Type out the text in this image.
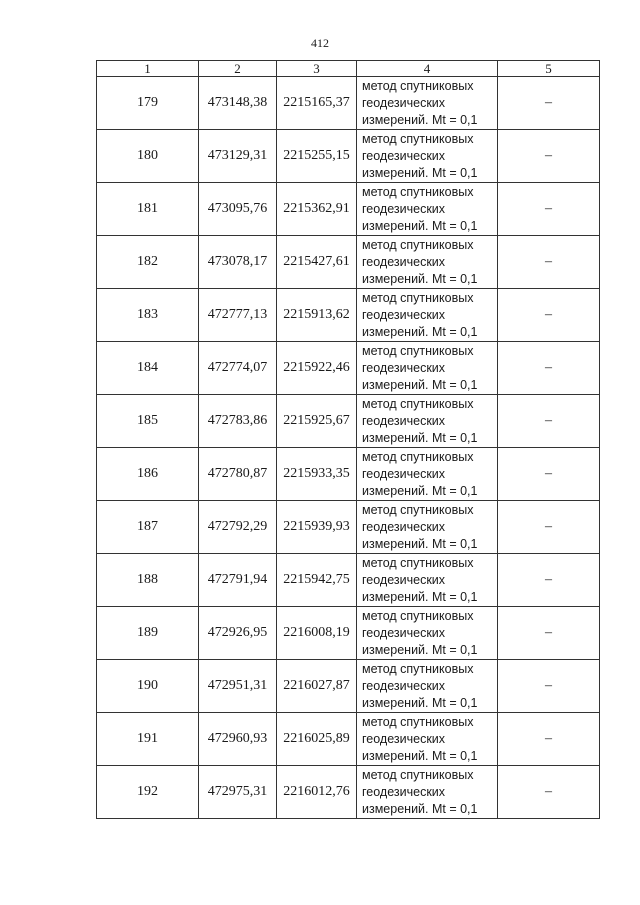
412
1	2	3	4	5
179	473148,38	2215165,37	метод спутниковых
геодезических
измерений. Mt = 0,1	–
180	473129,31	2215255,15	метод спутниковых
геодезических
измерений. Mt = 0,1	–
181	473095,76	2215362,91	метод спутниковых
геодезических
измерений. Mt = 0,1	–
182	473078,17	2215427,61	метод спутниковых
геодезических
измерений. Mt = 0,1	–
183	472777,13	2215913,62	метод спутниковых
геодезических
измерений. Mt = 0,1	–
184	472774,07	2215922,46	метод спутниковых
геодезических
измерений. Mt = 0,1	–
185	472783,86	2215925,67	метод спутниковых
геодезических
измерений. Mt = 0,1	–
186	472780,87	2215933,35	метод спутниковых
геодезических
измерений. Mt = 0,1	–
187	472792,29	2215939,93	метод спутниковых
геодезических
измерений. Mt = 0,1	–
188	472791,94	2215942,75	метод спутниковых
геодезических
измерений. Mt = 0,1	–
189	472926,95	2216008,19	метод спутниковых
геодезических
измерений. Mt = 0,1	–
190	472951,31	2216027,87	метод спутниковых
геодезических
измерений. Mt = 0,1	–
191	472960,93	2216025,89	метод спутниковых
геодезических
измерений. Mt = 0,1	–
192	472975,31	2216012,76	метод спутниковых
геодезических
измерений. Mt = 0,1	–
